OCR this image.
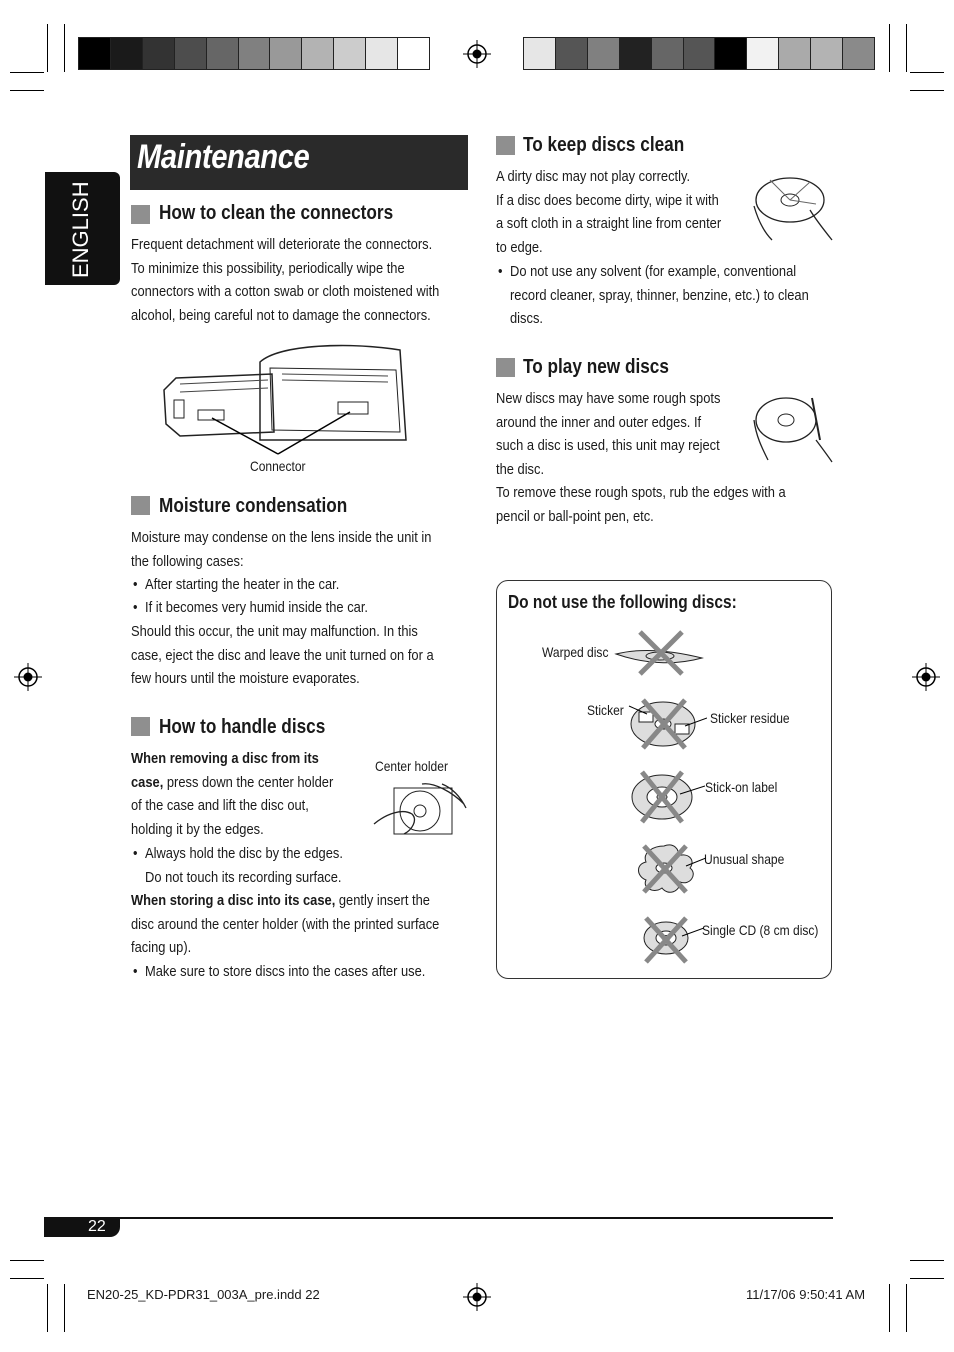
ENGLISH
Maintenance
How to clean the connectors
Frequent detachment will deteriorate the connectors.
To minimize this possibility, periodically wipe the
connectors with a cotton swab or cloth moistened with
alcohol, being careful not to damage the connectors.
Connector
Moisture condensation
Moisture may condense on the lens inside the unit in
the following cases:
• After starting the heater in the car.
• If it becomes very humid inside the car.
Should this occur, the unit may malfunction. In this
case, eject the disc and leave the unit turned on for a
few hours until the moisture evaporates.
How to handle discs
When removing a disc from its
case, press down the center holder
of the case and lift the disc out,
holding it by the edges.
• Always hold the disc by the edges.
Do not touch its recording surface.
When storing a disc into its case, gently insert the
disc around the center holder (with the printed surface
facing up).
• Make sure to store discs into the cases after use.
Center holder
To keep discs clean
A dirty disc may not play correctly.
If a disc does become dirty, wipe it with
a soft cloth in a straight line from center
to edge.
• Do not use any solvent (for example, conventional
record cleaner, spray, thinner, benzine, etc.) to clean
discs.
To play new discs
New discs may have some rough spots
around the inner and outer edges. If
such a disc is used, this unit may reject
the disc.
To remove these rough spots, rub the edges with a
pencil or ball-point pen, etc.
Do not use the following discs:
Warped disc
Sticker	Sticker residue
Stick-on label
Unusual shape
Single CD (8 cm disc)
22
EN20-25_KD-PDR31_003A_pre.indd 22	11/17/06 9:50:41 AM
